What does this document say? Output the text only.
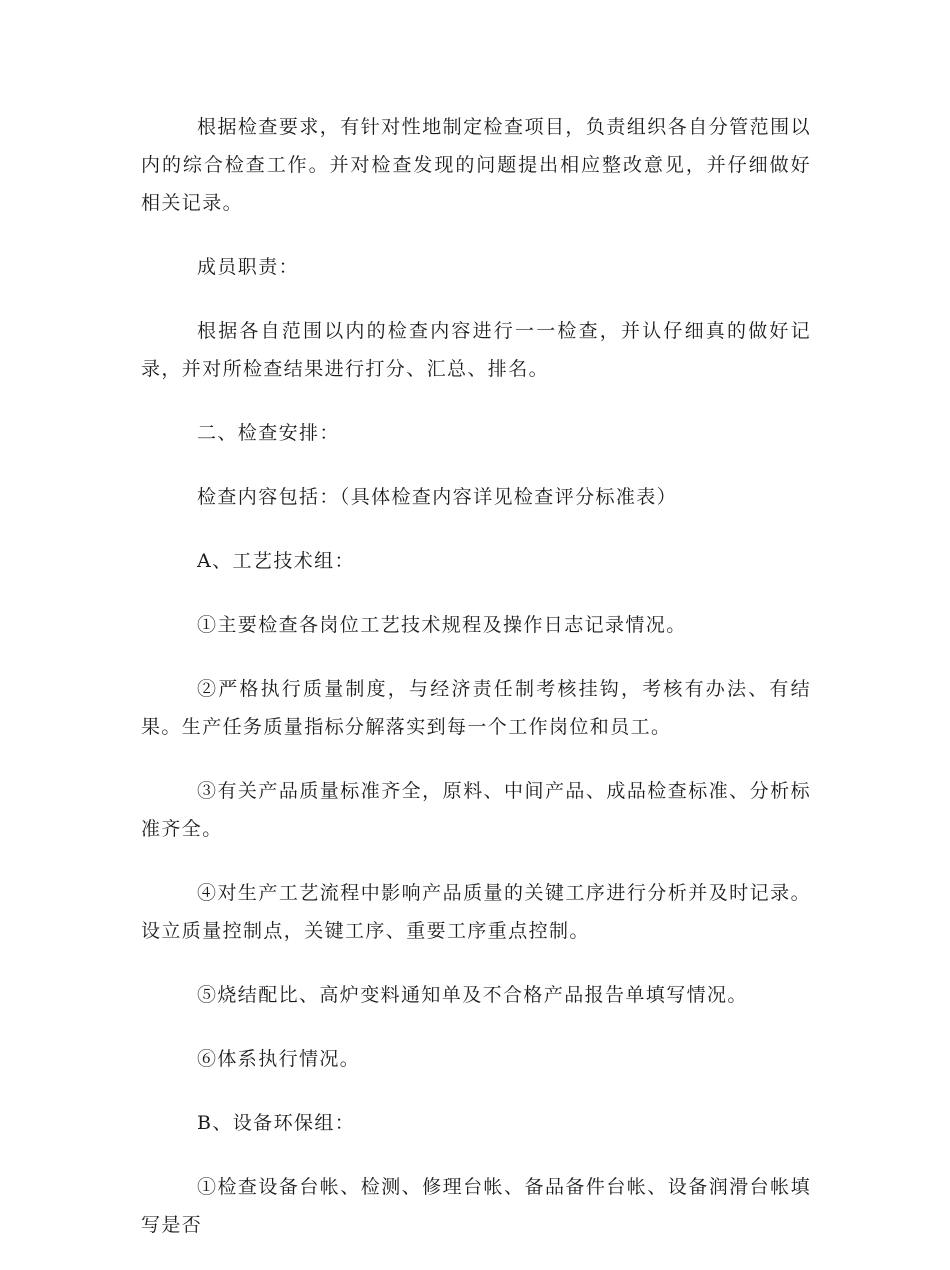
根据检查要求，有针对性地制定检查项目，负责组织各自分管范围以内的综合检查工作。并对检查发现的问题提出相应整改意见，并仔细做好相关记录。

成员职责：

根据各自范围以内的检查内容进行一一检查，并认仔细真的做好记录，并对所检查结果进行打分、汇总、排名。

二、检查安排：

检查内容包括：（具体检查内容详见检查评分标准表）

A、工艺技术组：

①主要检查各岗位工艺技术规程及操作日志记录情况。

②严格执行质量制度，与经济责任制考核挂钩，考核有办法、有结果。生产任务质量指标分解落实到每一个工作岗位和员工。

③有关产品质量标准齐全，原料、中间产品、成品检查标准、分析标准齐全。

④对生产工艺流程中影响产品质量的关键工序进行分析并及时记录。设立质量控制点，关键工序、重要工序重点控制。

⑤烧结配比、高炉变料通知单及不合格产品报告单填写情况。

⑥体系执行情况。

B、设备环保组：

①检查设备台帐、检测、修理台帐、备品备件台帐、设备润滑台帐填写是否
